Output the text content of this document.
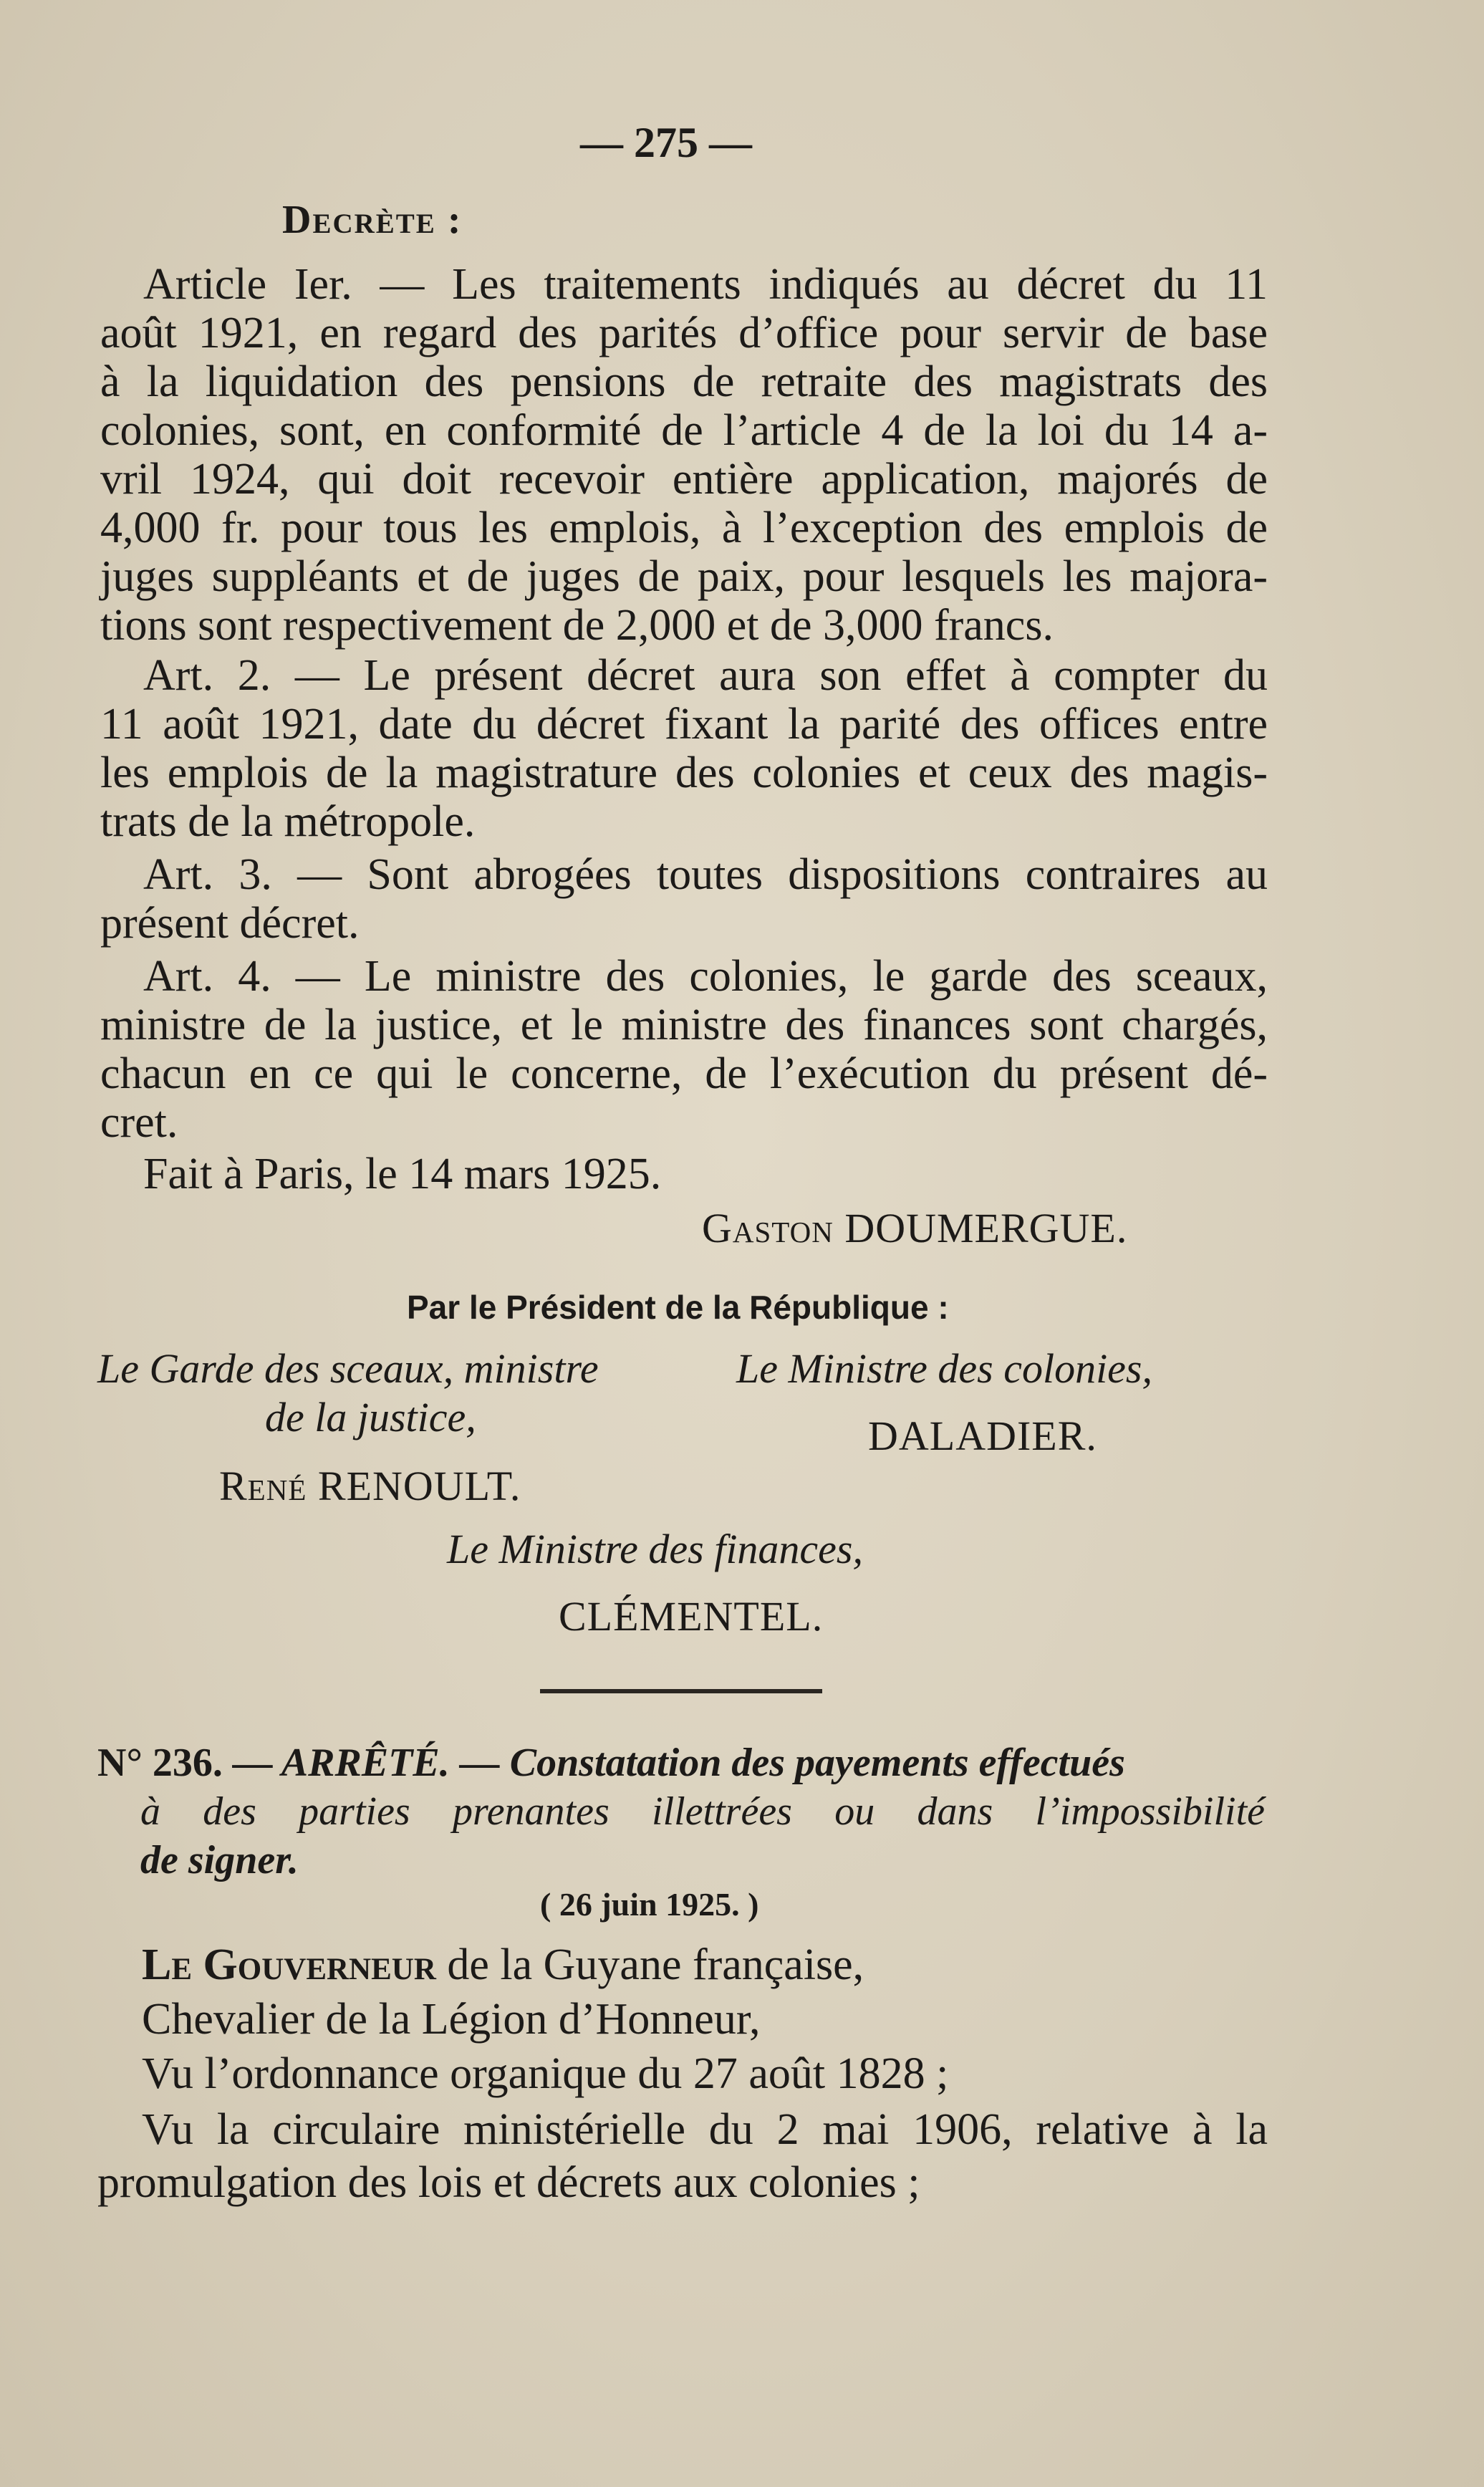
— 275 —
Decrète :
Article Ier. — Les traitements indiqués au décret du 11
août 1921, en regard des parités d’office pour servir de base
à la liquidation des pensions de retraite des magistrats des
colonies, sont, en conformité de l’article 4 de la loi du 14 a-
vril 1924, qui doit recevoir entière application, majorés de
4,000 fr. pour tous les emplois, à l’exception des emplois de
juges suppléants et de juges de paix, pour lesquels les majora-
tions sont respectivement de 2,000 et de 3,000 francs.
Art. 2. — Le présent décret aura son effet à compter du
11 août 1921, date du décret fixant la parité des offices entre
les emplois de la magistrature des colonies et ceux des magis-
trats de la métropole.
Art. 3. — Sont abrogées toutes dispositions contraires au
présent décret.
Art. 4. — Le ministre des colonies, le garde des sceaux,
ministre de la justice, et le ministre des finances sont chargés,
chacun en ce qui le concerne, de l’exécution du présent dé-
cret.
Fait à Paris, le 14 mars 1925.
Gaston DOUMERGUE.
Par le Président de la République :
Le Garde des sceaux, ministre
de la justice,
René RENOULT.
Le Ministre des colonies,
DALADIER.
Le Ministre des finances,
CLÉMENTEL.
N° 236. — ARRÊTÉ. — Constatation des payements effectués
à des parties prenantes illettrées ou dans l’impossibilité
de signer.
( 26 juin 1925. )
Le Gouverneur de la Guyane française,
Chevalier de la Légion d’Honneur,
Vu l’ordonnance organique du 27 août 1828 ;
Vu la circulaire ministérielle du 2 mai 1906, relative à la
promulgation des lois et décrets aux colonies ;
